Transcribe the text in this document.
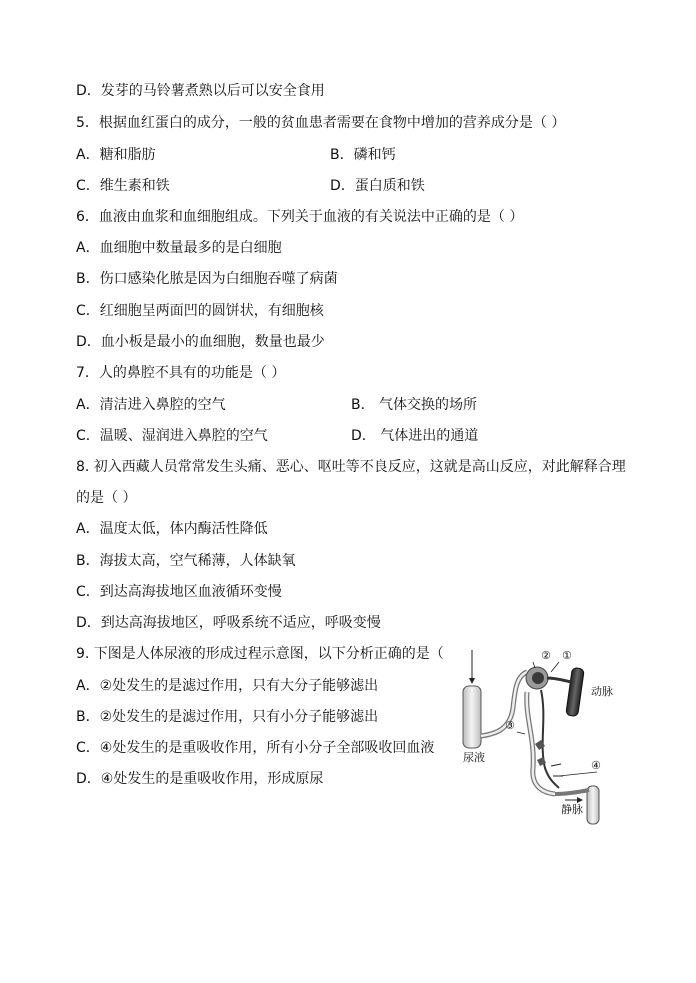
D．发芽的马铃薯煮熟以后可以安全食用
5．根据血红蛋白的成分，一般的贫血患者需要在食物中增加的营养成分是（ ）
A．糖和脂肪	B．磷和钙
C．维生素和铁	D．蛋白质和铁
6．血液由血浆和血细胞组成。下列关于血液的有关说法中正确的是（ ）
A．血细胞中数量最多的是白细胞
B．伤口感染化脓是因为白细胞吞噬了病菌
C．红细胞呈两面凹的圆饼状，有细胞核
D．血小板是最小的血细胞，数量也最少
7．人的鼻腔不具有的功能是（ ）
A．清洁进入鼻腔的空气	B． 气体交换的场所
C．温暖、湿润进入鼻腔的空气	D． 气体进出的通道
8. 初入西藏人员常常发生头痛、恶心、呕吐等不良反应，这就是高山反应，对此解释合理
的是（ ）
A．温度太低，体内酶活性降低
B．海拔太高，空气稀薄，人体缺氧
C．到达高海拔地区血液循环变慢
D．到达高海拔地区，呼吸系统不适应，呼吸变慢
9. 下图是人体尿液的形成过程示意图，以下分析正确的是（
A．②处发生的是滤过作用，只有大分子能够滤出
B．②处发生的是滤过作用，只有小分子能够滤出
C．④处发生的是重吸收作用，所有小分子全部吸收回血液
D．④处发生的是重吸收作用，形成原尿
② ①
动脉
③
尿液
④
静脉
